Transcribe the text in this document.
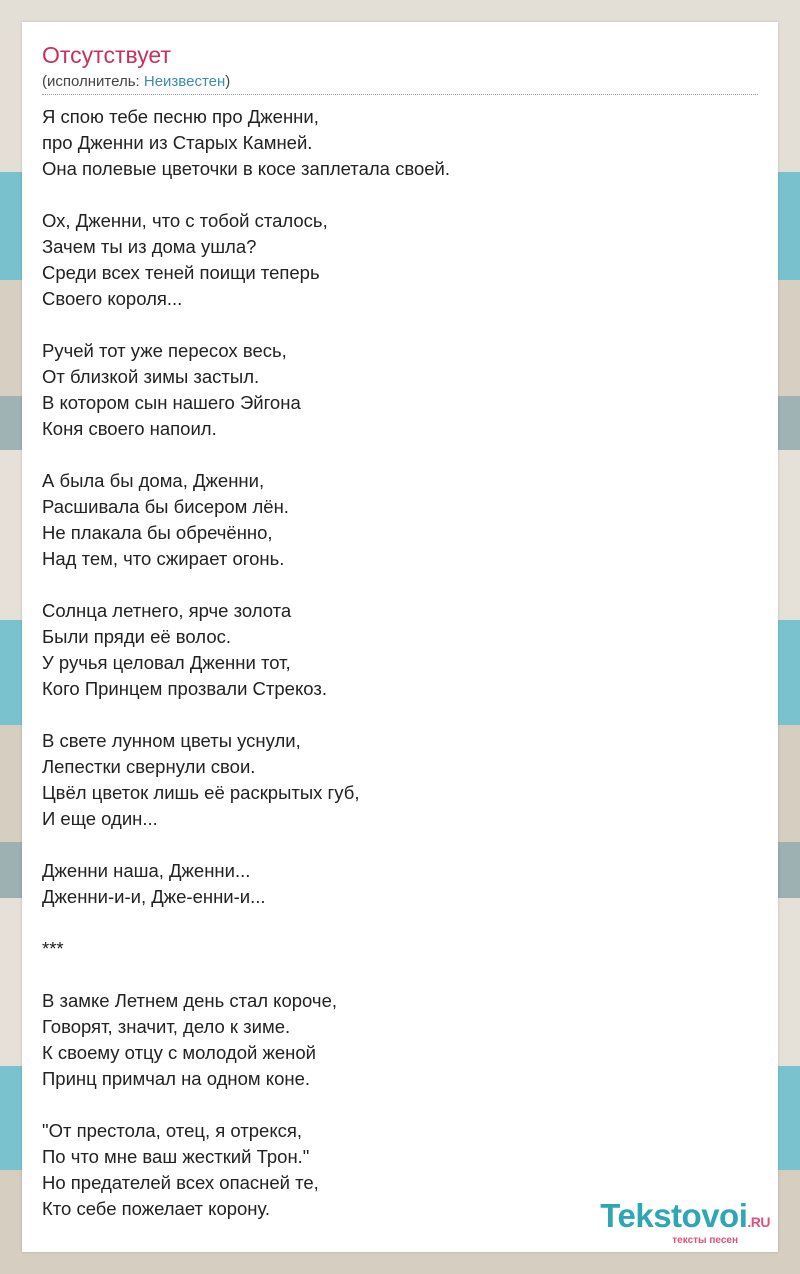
Отсутствует
(исполнитель: Неизвестен)
Я спою тебе песню про Дженни,
про Дженни из Старых Камней.
Она полевые цветочки в косе заплетала своей.
Ох, Дженни, что с тобой сталось,
Зачем ты из дома ушла?
Среди всех теней поищи теперь
Своего короля...
Ручей тот уже пересох весь,
От близкой зимы застыл.
В котором сын нашего Эйгона
Коня своего напоил.
А была бы дома, Дженни,
Расшивала бы бисером лён.
Не плакала бы обречённо,
Над тем, что сжирает огонь.
Солнца летнего, ярче золота
Были пряди её волос.
У ручья целовал Дженни тот,
Кого Принцем прозвали Стрекоз.
В свете лунном цветы уснули,
Лепестки свернули свои.
Цвёл цветок лишь её раскрытых губ,
И еще один...
Дженни наша, Дженни...
Дженни-и-и, Дже-енни-и...
***
В замке Летнем день стал короче,
Говорят, значит, дело к зиме.
К своему отцу с молодой женой
Принц примчал на одном коне.
"От престола, отец, я отрекся,
По что мне ваш жесткий Трон."
Но предателей всех опасней те,
Кто себе пожелает корону.	Tekstovoi.RU
тексты песен
